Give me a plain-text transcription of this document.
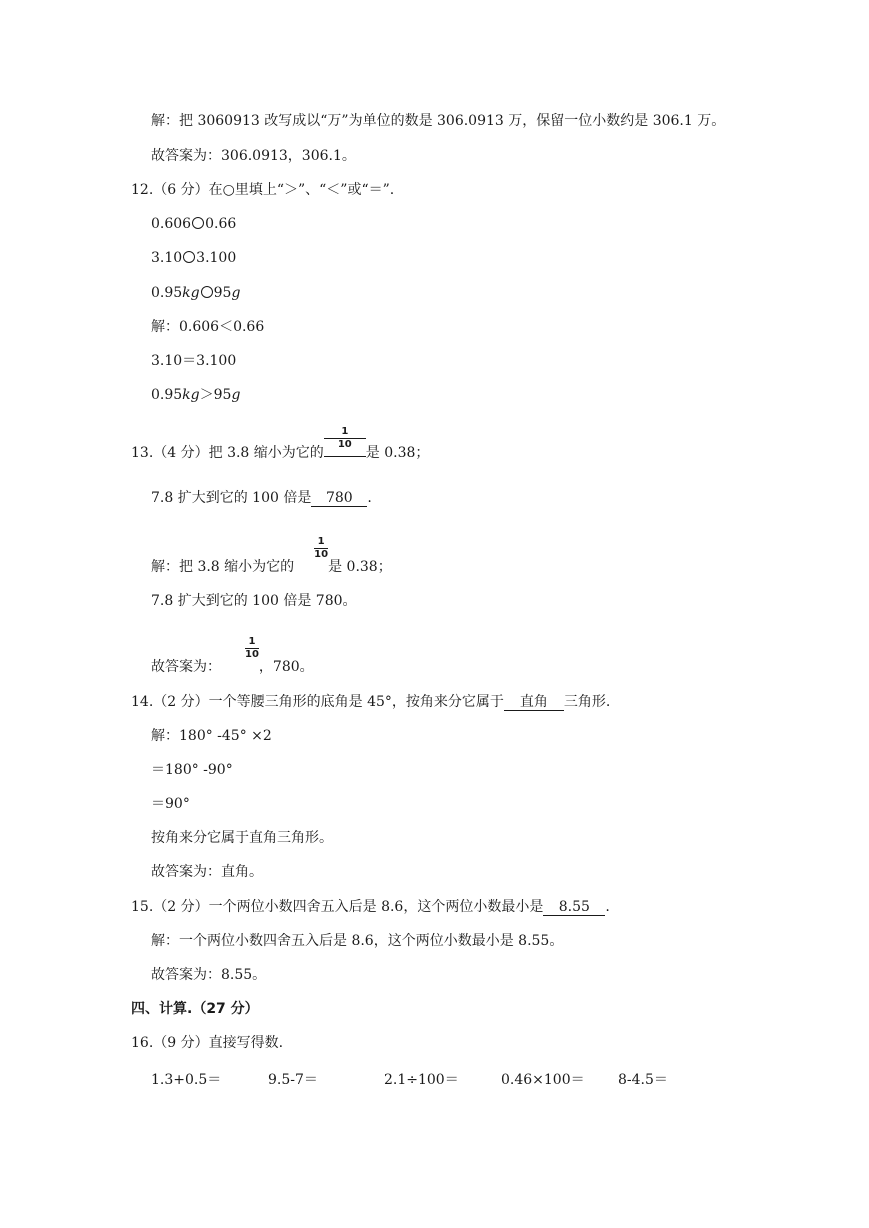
解：把 3060913 改写成以“万”为单位的数是 306.0913 万，保留一位小数约是 306.1 万。
故答案为：306.0913，306.1。
12.（6 分）在○里填上“＞”、“＜”或“＝”.
0.606 0.66
3.10 3.100
0.95kg 95g
解：0.606＜0.66
3.10＝3.100
0.95kg＞95g
13.（4 分）把 3.8 缩小为它的
$\frac{1}{10}$
是 0.38；
7.8 扩大到它的 100 倍是 780 .
解：把 3.8 缩小为它的
$\frac{1}{10}$
是 0.38；
7.8 扩大到它的 100 倍是 780。
故答案为：
$\frac{1}{10}$
，780。
14.（2 分）一个等腰三角形的底角是 45°，按角来分它属于 直角 三角形.
解：180° ‐45° ×2
＝180° ‐90°
＝90°
按角来分它属于直角三角形。
故答案为：直角。
15.（2 分）一个两位小数四舍五入后是 8.6，这个两位小数最小是 8.55 .
解：一个两位小数四舍五入后是 8.6，这个两位小数最小是 8.55。
故答案为：8.55。
四、计算.（27 分）
16.（9 分）直接写得数.
1.3+0.5＝	9.5‐7＝	2.1÷100＝	0.46×100＝ 8‐4.5＝
